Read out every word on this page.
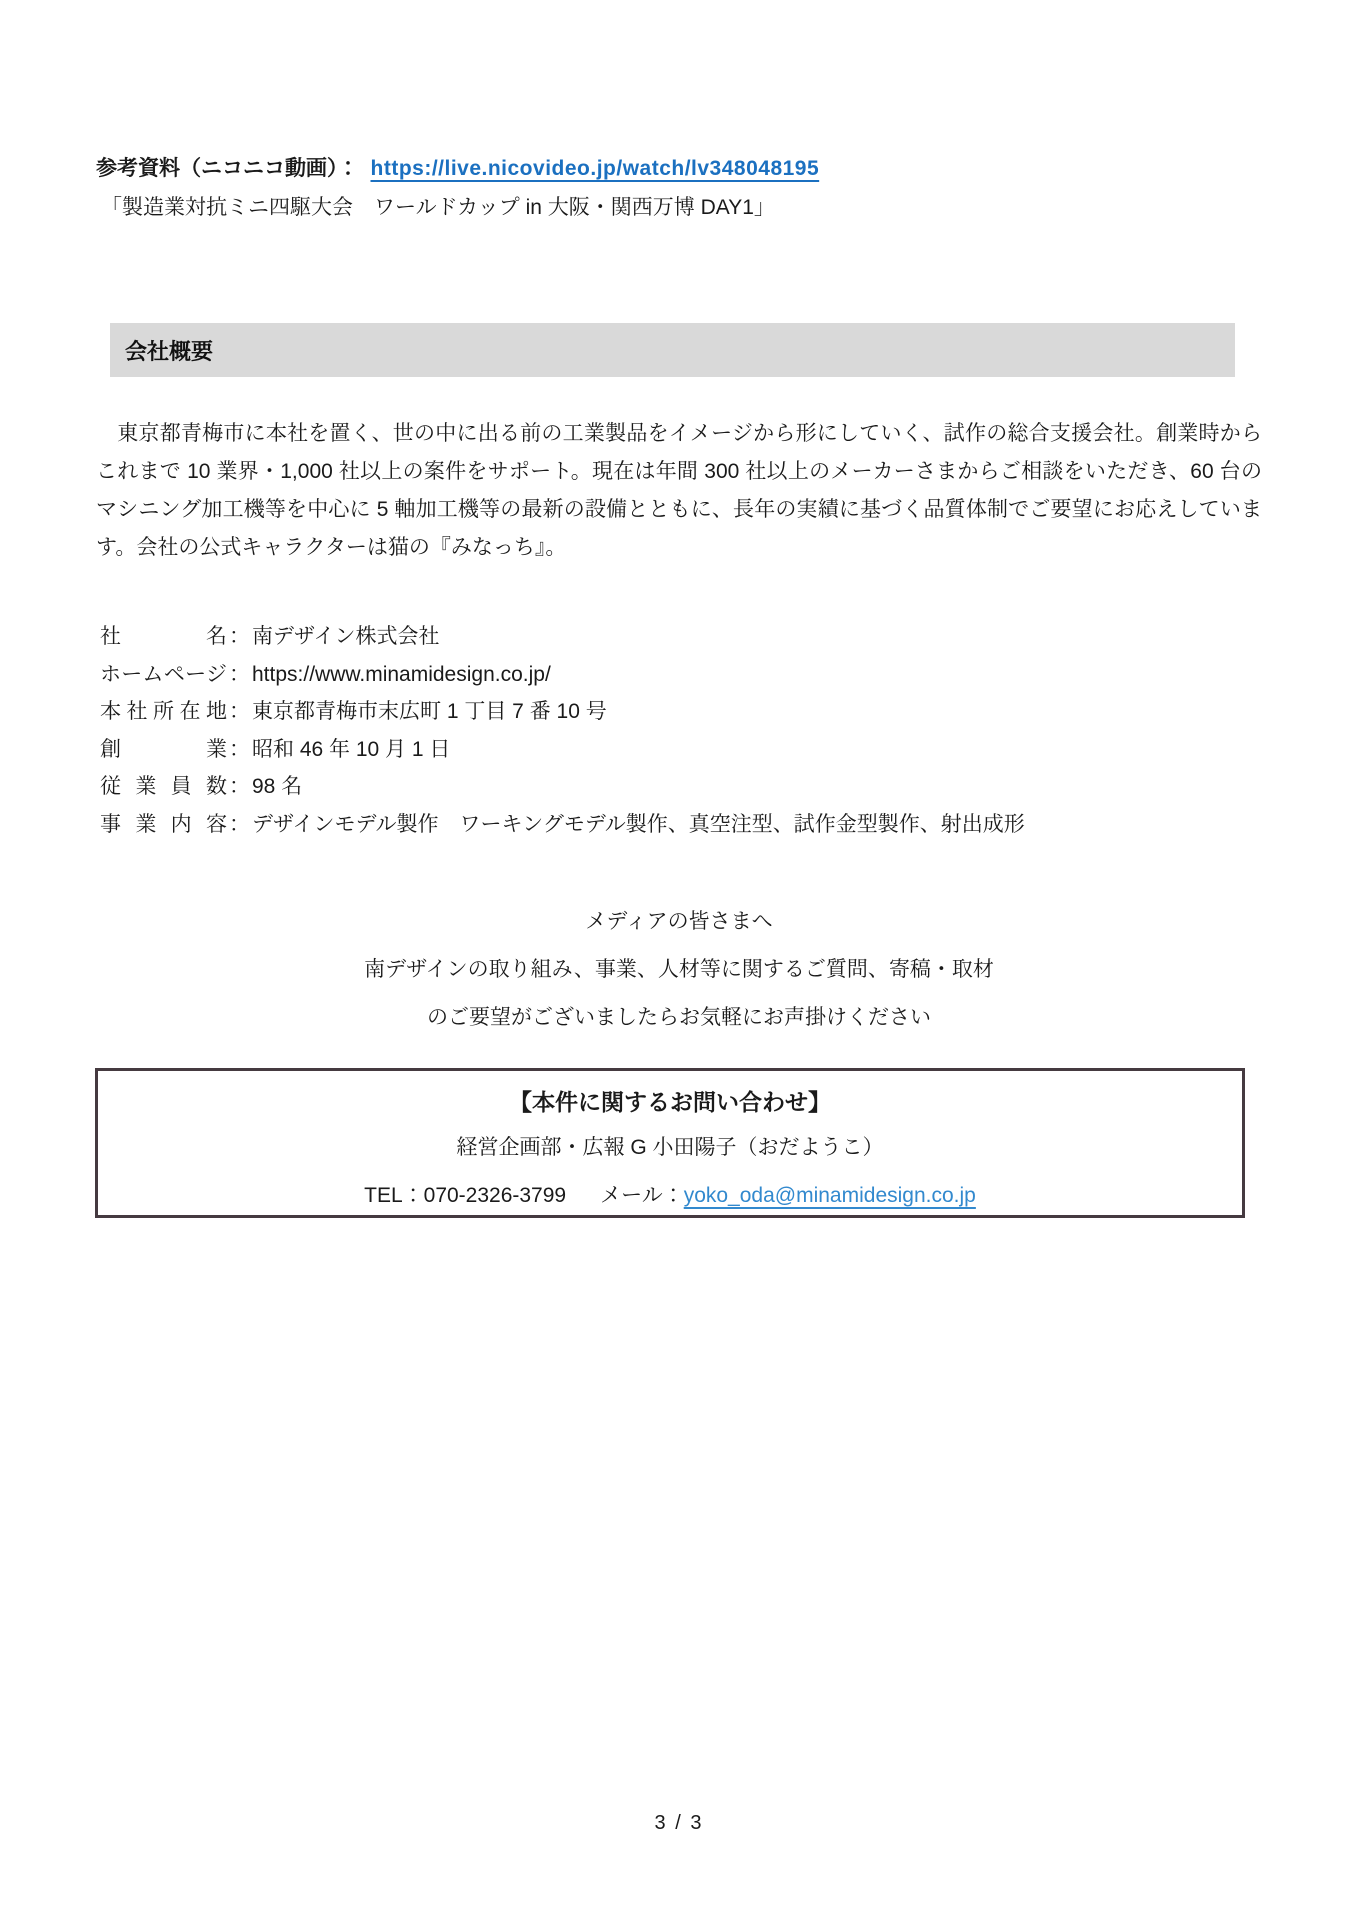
参考資料（ニコニコ動画）： https://live.nicovideo.jp/watch/lv348048195
「製造業対抗ミニ四駆大会　ワールドカップ in 大阪・関西万博 DAY1」
会社概要

　東京都青梅市に本社を置く、世の中に出る前の工業製品をイメージから形にしていく、試作の総合支援会社。創業時からこれまで 10 業界・1,000 社以上の案件をサポート。現在は年間 300 社以上のメーカーさまからご相談をいただき、60 台のマシニング加工機等を中心に 5 軸加工機等の最新の設備とともに、長年の実績に基づく品質体制でご要望にお応えしています。会社の公式キャラクターは猫の『みなっち』。

社名 ： 南デザイン株式会社
ホームページ ： https://www.minamidesign.co.jp/
本社所在地 ： 東京都青梅市末広町 1 丁目 7 番 10 号
創業 ： 昭和 46 年 10 月 1 日
従業員数 ： 98 名
事業内容 ： デザインモデル製作　ワーキングモデル製作、真空注型、試作金型製作、射出成形
メディアの皆さまへ
南デザインの取り組み、事業、人材等に関するご質問、寄稿・取材
のご要望がございましたらお気軽にお声掛けください
【本件に関するお問い合わせ】
経営企画部・広報 G 小田陽子（おだようこ）
TEL：070-2326-3799 メール：yoko_oda@minamidesign.co.jp
3 / 3
